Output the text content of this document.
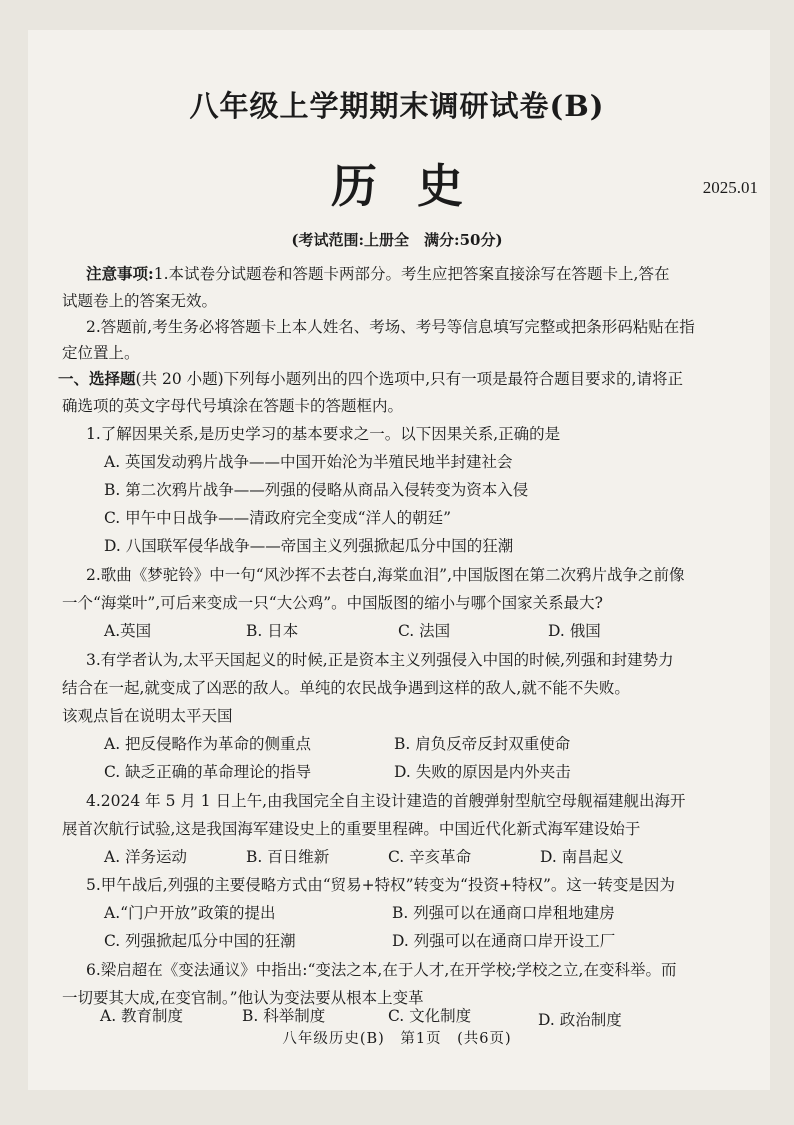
八年级上学期期末调研试卷(B)
历史	2025.01
(考试范围:上册全　满分:50分)
注意事项:1.本试卷分试题卷和答题卡两部分。考生应把答案直接涂写在答题卡上,答在
试题卷上的答案无效。
2.答题前,考生务必将答题卡上本人姓名、考场、考号等信息填写完整或把条形码粘贴在指
定位置上。
一、选择题(共 20 小题)下列每小题列出的四个选项中,只有一项是最符合题目要求的,请将正
确选项的英文字母代号填涂在答题卡的答题框内。
1.了解因果关系,是历史学习的基本要求之一。以下因果关系,正确的是
A. 英国发动鸦片战争——中国开始沦为半殖民地半封建社会
B. 第二次鸦片战争——列强的侵略从商品入侵转变为资本入侵
C. 甲午中日战争——清政府完全变成“洋人的朝廷”
D. 八国联军侵华战争——帝国主义列强掀起瓜分中国的狂潮
2.歌曲《梦驼铃》中一句“风沙挥不去苍白,海棠血泪”,中国版图在第二次鸦片战争之前像
一个“海棠叶”,可后来变成一只“大公鸡”。中国版图的缩小与哪个国家关系最大?
A.英国	B. 日本	C. 法国	D. 俄国
3.有学者认为,太平天国起义的时候,正是资本主义列强侵入中国的时候,列强和封建势力
结合在一起,就变成了凶恶的敌人。单纯的农民战争遇到这样的敌人,就不能不失败。
该观点旨在说明太平天国
A. 把反侵略作为革命的侧重点	B. 肩负反帝反封双重使命
C. 缺乏正确的革命理论的指导	D. 失败的原因是内外夹击
4.2024 年 5 月 1 日上午,由我国完全自主设计建造的首艘弹射型航空母舰福建舰出海开
展首次航行试验,这是我国海军建设史上的重要里程碑。中国近代化新式海军建设始于
A. 洋务运动	B. 百日维新	C. 辛亥革命	D. 南昌起义
5.甲午战后,列强的主要侵略方式由“贸易+特权”转变为“投资+特权”。这一转变是因为
A.“门户开放”政策的提出	B. 列强可以在通商口岸租地建房
C. 列强掀起瓜分中国的狂潮	D. 列强可以在通商口岸开设工厂
6.梁启超在《变法通议》中指出:“变法之本,在于人才,在开学校;学校之立,在变科举。而
一切要其大成,在变官制。”他认为变法要从根本上变革
A. 教育制度	B. 科举制度	C. 文化制度	D. 政治制度
八年级历史(B)　第1页　(共6页)
